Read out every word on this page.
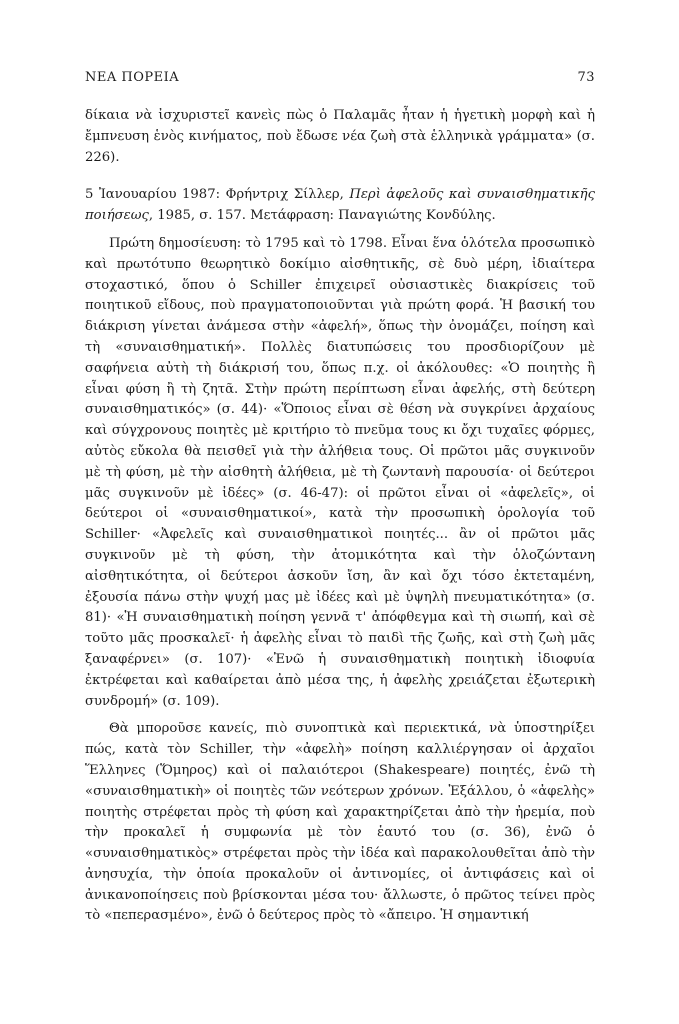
ΝΕΑ ΠΟΡΕΙΑ	73

δίκαια νὰ ἰσχυριστεῖ κανεὶς πὼς ὁ Παλαμᾶς ἦταν ἡ ἡγετικὴ μορφὴ καὶ ἡ ἔμπνευση ἑνὸς κινήματος, ποὺ ἔδωσε νέα ζωὴ στὰ ἑλληνικὰ γράμματα» (σ. 226).

5 Ἰανουαρίου 1987: Φρήντριχ Σίλλερ, Περὶ ἀφελοῦς καὶ συναισθηματικῆς ποιήσεως, 1985, σ. 157. Μετάφραση: Παναγιώτης Κονδύλης.

Πρώτη δημοσίευση: τὸ 1795 καὶ τὸ 1798. Εἶναι ἕνα ὁλότελα προσωπικὸ καὶ πρωτότυπο θεωρητικὸ δοκίμιο αἰσθητικῆς, σὲ δυὸ μέρη, ἰδιαίτερα στοχαστικό, ὅπου ὁ Schiller ἐπιχειρεῖ οὐσιαστικὲς διακρίσεις τοῦ ποιητικοῦ εἴδους, ποὺ πραγματοποιοῦνται γιὰ πρώτη φορά. Ἡ βασική του διάκριση γίνεται ἀνάμεσα στὴν «ἀφελή», ὅπως τὴν ὀνομάζει, ποίηση καὶ τὴ «συναισθηματική». Πολλὲς διατυπώσεις του προσδιορίζουν μὲ σαφήνεια αὐτὴ τὴ διάκρισή του, ὅπως π.χ. οἱ ἀκόλουθες: «Ὁ ποιητὴς ἢ εἶναι φύση ἢ τὴ ζητᾶ. Στὴν πρώτη περίπτωση εἶναι ἀφελής, στὴ δεύτερη συναισθηματικός» (σ. 44)· «Ὅποιος εἶναι σὲ θέση νὰ συγκρίνει ἀρχαίους καὶ σύγχρονους ποιητὲς μὲ κριτήριο τὸ πνεῦμα τους κι ὄχι τυχαῖες φόρμες, αὐτὸς εὔκολα θὰ πεισθεῖ γιὰ τὴν ἀλήθεια τους. Οἱ πρῶτοι μᾶς συγκινοῦν μὲ τὴ φύση, μὲ τὴν αἰσθητὴ ἀλήθεια, μὲ τὴ ζωντανὴ παρουσία· οἱ δεύτεροι μᾶς συγκινοῦν μὲ ἰδέες» (σ. 46-47): οἱ πρῶτοι εἶναι οἱ «ἀφελεῖς», οἱ δεύτεροι οἱ «συναισθηματικοί», κατὰ τὴν προσωπικὴ ὁρολογία τοῦ Schiller· «Ἀφελεῖς καὶ συναισθηματικοὶ ποιητές... ἂν οἱ πρῶτοι μᾶς συγκινοῦν μὲ τὴ φύση, τὴν ἀτομικότητα καὶ τὴν ὁλοζώντανη αἰσθητικότητα, οἱ δεύτεροι ἀσκοῦν ἴση, ἂν καὶ ὄχι τόσο ἐκτεταμένη, ἐξουσία πάνω στὴν ψυχή μας μὲ ἰδέες καὶ μὲ ὑψηλὴ πνευματικότητα» (σ. 81)· «Ἡ συναισθηματικὴ ποίηση γεννᾶ τ' ἀπόφθεγμα καὶ τὴ σιωπή, καὶ σὲ τοῦτο μᾶς προσκαλεῖ· ἡ ἀφελὴς εἶναι τὸ παιδὶ τῆς ζωῆς, καὶ στὴ ζωὴ μᾶς ξαναφέρνει» (σ. 107)· «Ἐνῶ ἡ συναισθηματικὴ ποιητικὴ ἰδιοφυία ἐκτρέφεται καὶ καθαίρεται ἀπὸ μέσα της, ἡ ἀφελὴς χρειάζεται ἐξωτερικὴ συνδρομή» (σ. 109).

Θὰ μποροῦσε κανείς, πιὸ συνοπτικὰ καὶ περιεκτικά, νὰ ὑποστηρίξει πώς, κατὰ τὸν Schiller, τὴν «ἀφελὴ» ποίηση καλλιέργησαν οἱ ἀρχαῖοι Ἕλληνες (Ὅμηρος) καὶ οἱ παλαιότεροι (Shakespeare) ποιητές, ἐνῶ τὴ «συναισθηματικὴ» οἱ ποιητὲς τῶν νεότερων χρόνων. Ἐξάλλου, ὁ «ἀφελὴς» ποιητὴς στρέφεται πρὸς τὴ φύση καὶ χαρακτηρίζεται ἀπὸ τὴν ἠρεμία, ποὺ τὴν προκαλεῖ ἡ συμφωνία μὲ τὸν ἑαυτό του (σ. 36), ἐνῶ ὁ «συναισθηματικὸς» στρέφεται πρὸς τὴν ἰδέα καὶ παρακολουθεῖται ἀπὸ τὴν ἀνησυχία, τὴν ὁποία προκαλοῦν οἱ ἀντινομίες, οἱ ἀντιφάσεις καὶ οἱ ἀνικανοποίησεις ποὺ βρίσκονται μέσα του· ἄλλωστε, ὁ πρῶτος τείνει πρὸς τὸ «πεπερασμένο», ἐνῶ ὁ δεύτερος πρὸς τὸ «ἄπειρο. Ἡ σημαντική
